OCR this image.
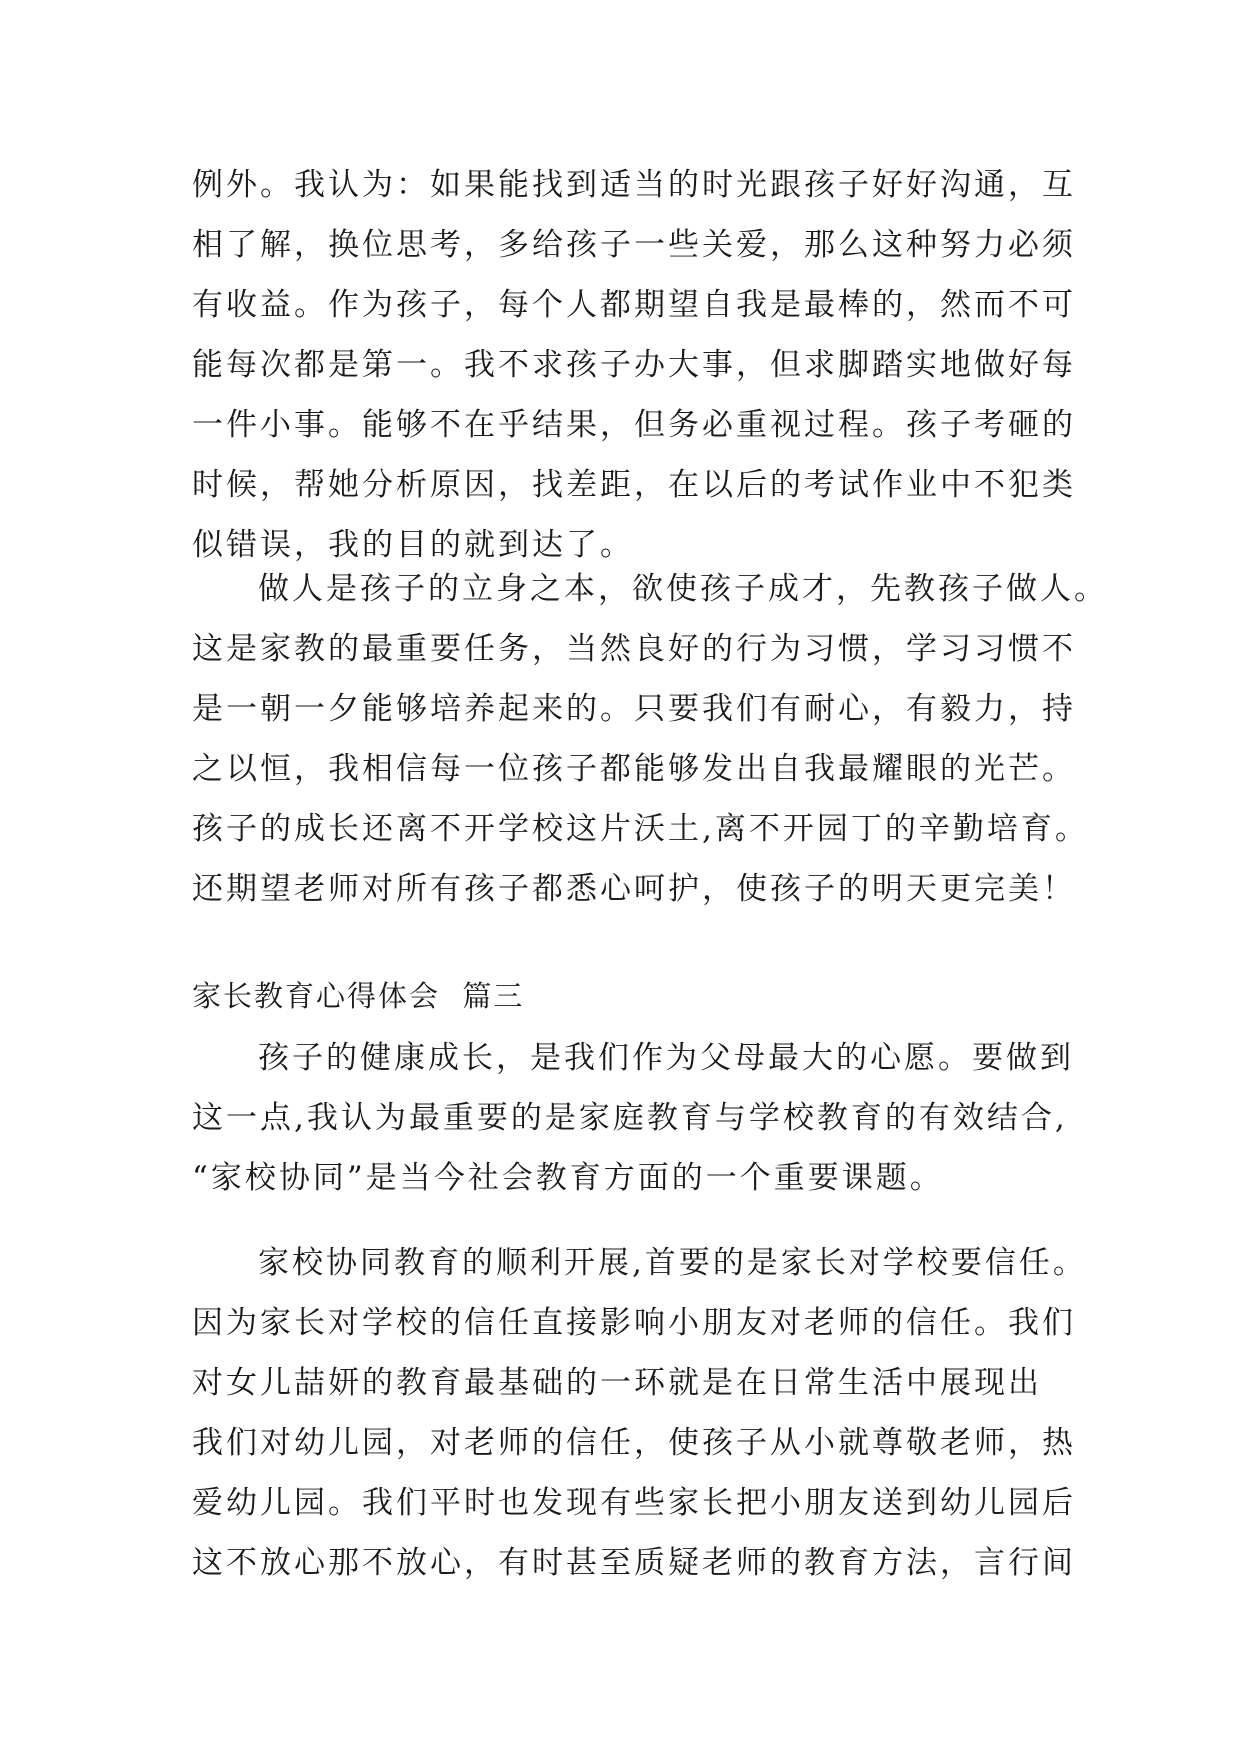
例外。我认为：如果能找到适当的时光跟孩子好好沟通，互
相了解，换位思考，多给孩子一些关爱，那么这种努力必须
有收益。作为孩子，每个人都期望自我是最棒的，然而不可
能每次都是第一。我不求孩子办大事，但求脚踏实地做好每
一件小事。能够不在乎结果，但务必重视过程。孩子考砸的
时候，帮她分析原因，找差距，在以后的考试作业中不犯类
似错误，我的目的就到达了。
做人是孩子的立身之本，欲使孩子成才，先教孩子做人。
这是家教的最重要任务，当然良好的行为习惯，学习习惯不
是一朝一夕能够培养起来的。只要我们有耐心，有毅力，持
之以恒，我相信每一位孩子都能够发出自我最耀眼的光芒。
孩子的成长还离不开学校这片沃土,离不开园丁的辛勤培育。
还期望老师对所有孩子都悉心呵护，使孩子的明天更完美！
家长教育心得体会  篇三
孩子的健康成长，是我们作为父母最大的心愿。要做到
这一点,我认为最重要的是家庭教育与学校教育的有效结合,
“家校协同”是当今社会教育方面的一个重要课题。
家校协同教育的顺利开展,首要的是家长对学校要信任。
因为家长对学校的信任直接影响小朋友对老师的信任。我们
对女儿喆妍的教育最基础的一环就是在日常生活中展现出
我们对幼儿园，对老师的信任，使孩子从小就尊敬老师，热
爱幼儿园。我们平时也发现有些家长把小朋友送到幼儿园后
这不放心那不放心，有时甚至质疑老师的教育方法，言行间
